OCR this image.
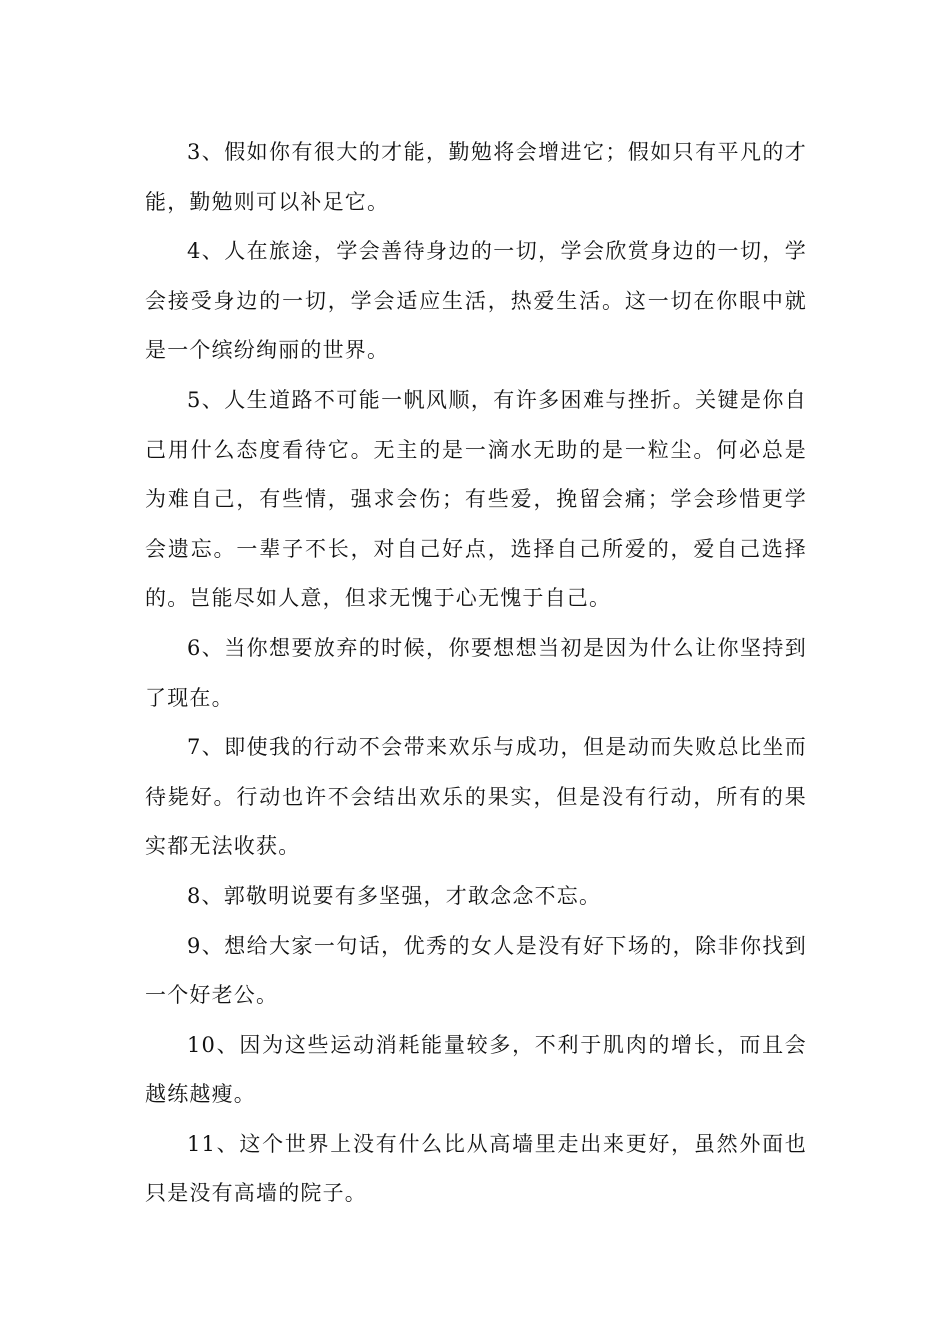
3、假如你有很大的才能，勤勉将会增进它；假如只有平凡的才能，勤勉则可以补足它。

4、人在旅途，学会善待身边的一切，学会欣赏身边的一切，学会接受身边的一切，学会适应生活，热爱生活。这一切在你眼中就是一个缤纷绚丽的世界。

5、人生道路不可能一帆风顺，有许多困难与挫折。关键是你自己用什么态度看待它。无主的是一滴水无助的是一粒尘。何必总是为难自己，有些情，强求会伤；有些爱，挽留会痛；学会珍惜更学会遗忘。一辈子不长，对自己好点，选择自己所爱的，爱自己选择的。岂能尽如人意，但求无愧于心无愧于自己。

6、当你想要放弃的时候，你要想想当初是因为什么让你坚持到了现在。

7、即使我的行动不会带来欢乐与成功，但是动而失败总比坐而待毙好。行动也许不会结出欢乐的果实，但是没有行动，所有的果实都无法收获。

8、郭敬明说要有多坚强，才敢念念不忘。

9、想给大家一句话，优秀的女人是没有好下场的，除非你找到一个好老公。

10、因为这些运动消耗能量较多，不利于肌肉的增长，而且会越练越瘦。

11、这个世界上没有什么比从高墙里走出来更好，虽然外面也只是没有高墙的院子。
